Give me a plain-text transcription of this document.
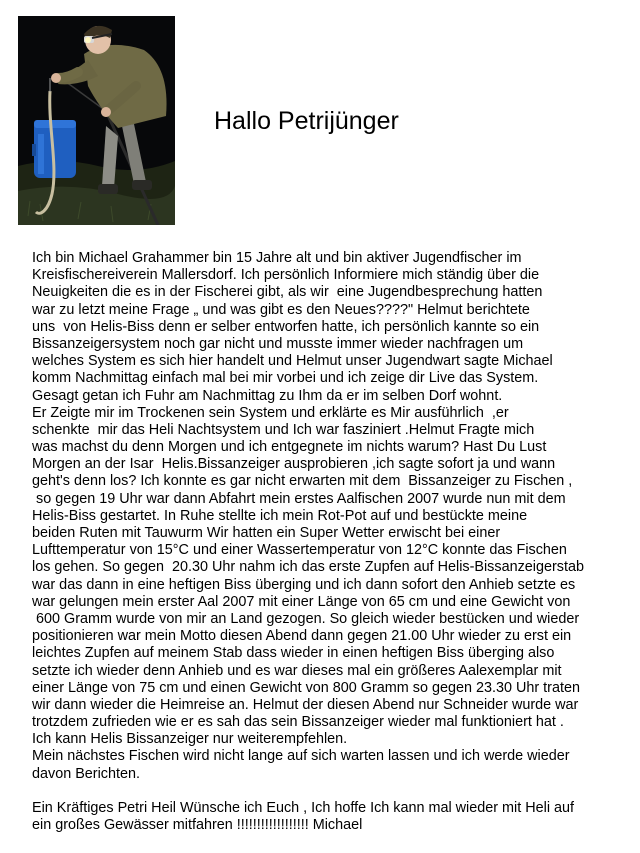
Hallo Petrijünger
Ich bin Michael Grahammer bin 15 Jahre alt und bin aktiver Jugendfischer im
Kreisfischereiverein Mallersdorf. Ich persönlich Informiere mich ständig über die
Neuigkeiten die es in der Fischerei gibt, als wir  eine Jugendbesprechung hatten
war zu letzt meine Frage „ und was gibt es den Neues????" Helmut berichtete
uns  von Helis-Biss denn er selber entworfen hatte, ich persönlich kannte so ein
Bissanzeigersystem noch gar nicht und musste immer wieder nachfragen um
welches System es sich hier handelt und Helmut unser Jugendwart sagte Michael
komm Nachmittag einfach mal bei mir vorbei und ich zeige dir Live das System.
Gesagt getan ich Fuhr am Nachmittag zu Ihm da er im selben Dorf wohnt.
Er Zeigte mir im Trockenen sein System und erklärte es Mir ausführlich  ,er
schenkte  mir das Heli Nachtsystem und Ich war fasziniert .Helmut Fragte mich
was machst du denn Morgen und ich entgegnete im nichts warum? Hast Du Lust
Morgen an der Isar  Helis.Bissanzeiger ausprobieren ,ich sagte sofort ja und wann
geht's denn los? Ich konnte es gar nicht erwarten mit dem  Bissanzeiger zu Fischen ,
so gegen 19 Uhr war dann Abfahrt mein erstes Aalfischen 2007 wurde nun mit dem
Helis-Biss gestartet. In Ruhe stellte ich mein Rot-Pot auf und bestückte meine
beiden Ruten mit Tauwurm Wir hatten ein Super Wetter erwischt bei einer
Lufttemperatur von 15°C und einer Wassertemperatur von 12°C konnte das Fischen
los gehen. So gegen  20.30 Uhr nahm ich das erste Zupfen auf Helis-Bissanzeigerstab
war das dann in eine heftigen Biss überging und ich dann sofort den Anhieb setzte es
war gelungen mein erster Aal 2007 mit einer Länge von 65 cm und eine Gewicht von
600 Gramm wurde von mir an Land gezogen. So gleich wieder bestücken und wieder
positionieren war mein Motto diesen Abend dann gegen 21.00 Uhr wieder zu erst ein
leichtes Zupfen auf meinem Stab dass wieder in einen heftigen Biss überging also
setzte ich wieder denn Anhieb und es war dieses mal ein größeres Aalexemplar mit
einer Länge von 75 cm und einen Gewicht von 800 Gramm so gegen 23.30 Uhr traten
wir dann wieder die Heimreise an. Helmut der diesen Abend nur Schneider wurde war
trotzdem zufrieden wie er es sah das sein Bissanzeiger wieder mal funktioniert hat .
Ich kann Helis Bissanzeiger nur weiterempfehlen.
Mein nächstes Fischen wird nicht lange auf sich warten lassen und ich werde wieder
davon Berichten.
Ein Kräftiges Petri Heil Wünsche ich Euch , Ich hoffe Ich kann mal wieder mit Heli auf
ein großes Gewässer mitfahren !!!!!!!!!!!!!!!!!! Michael
